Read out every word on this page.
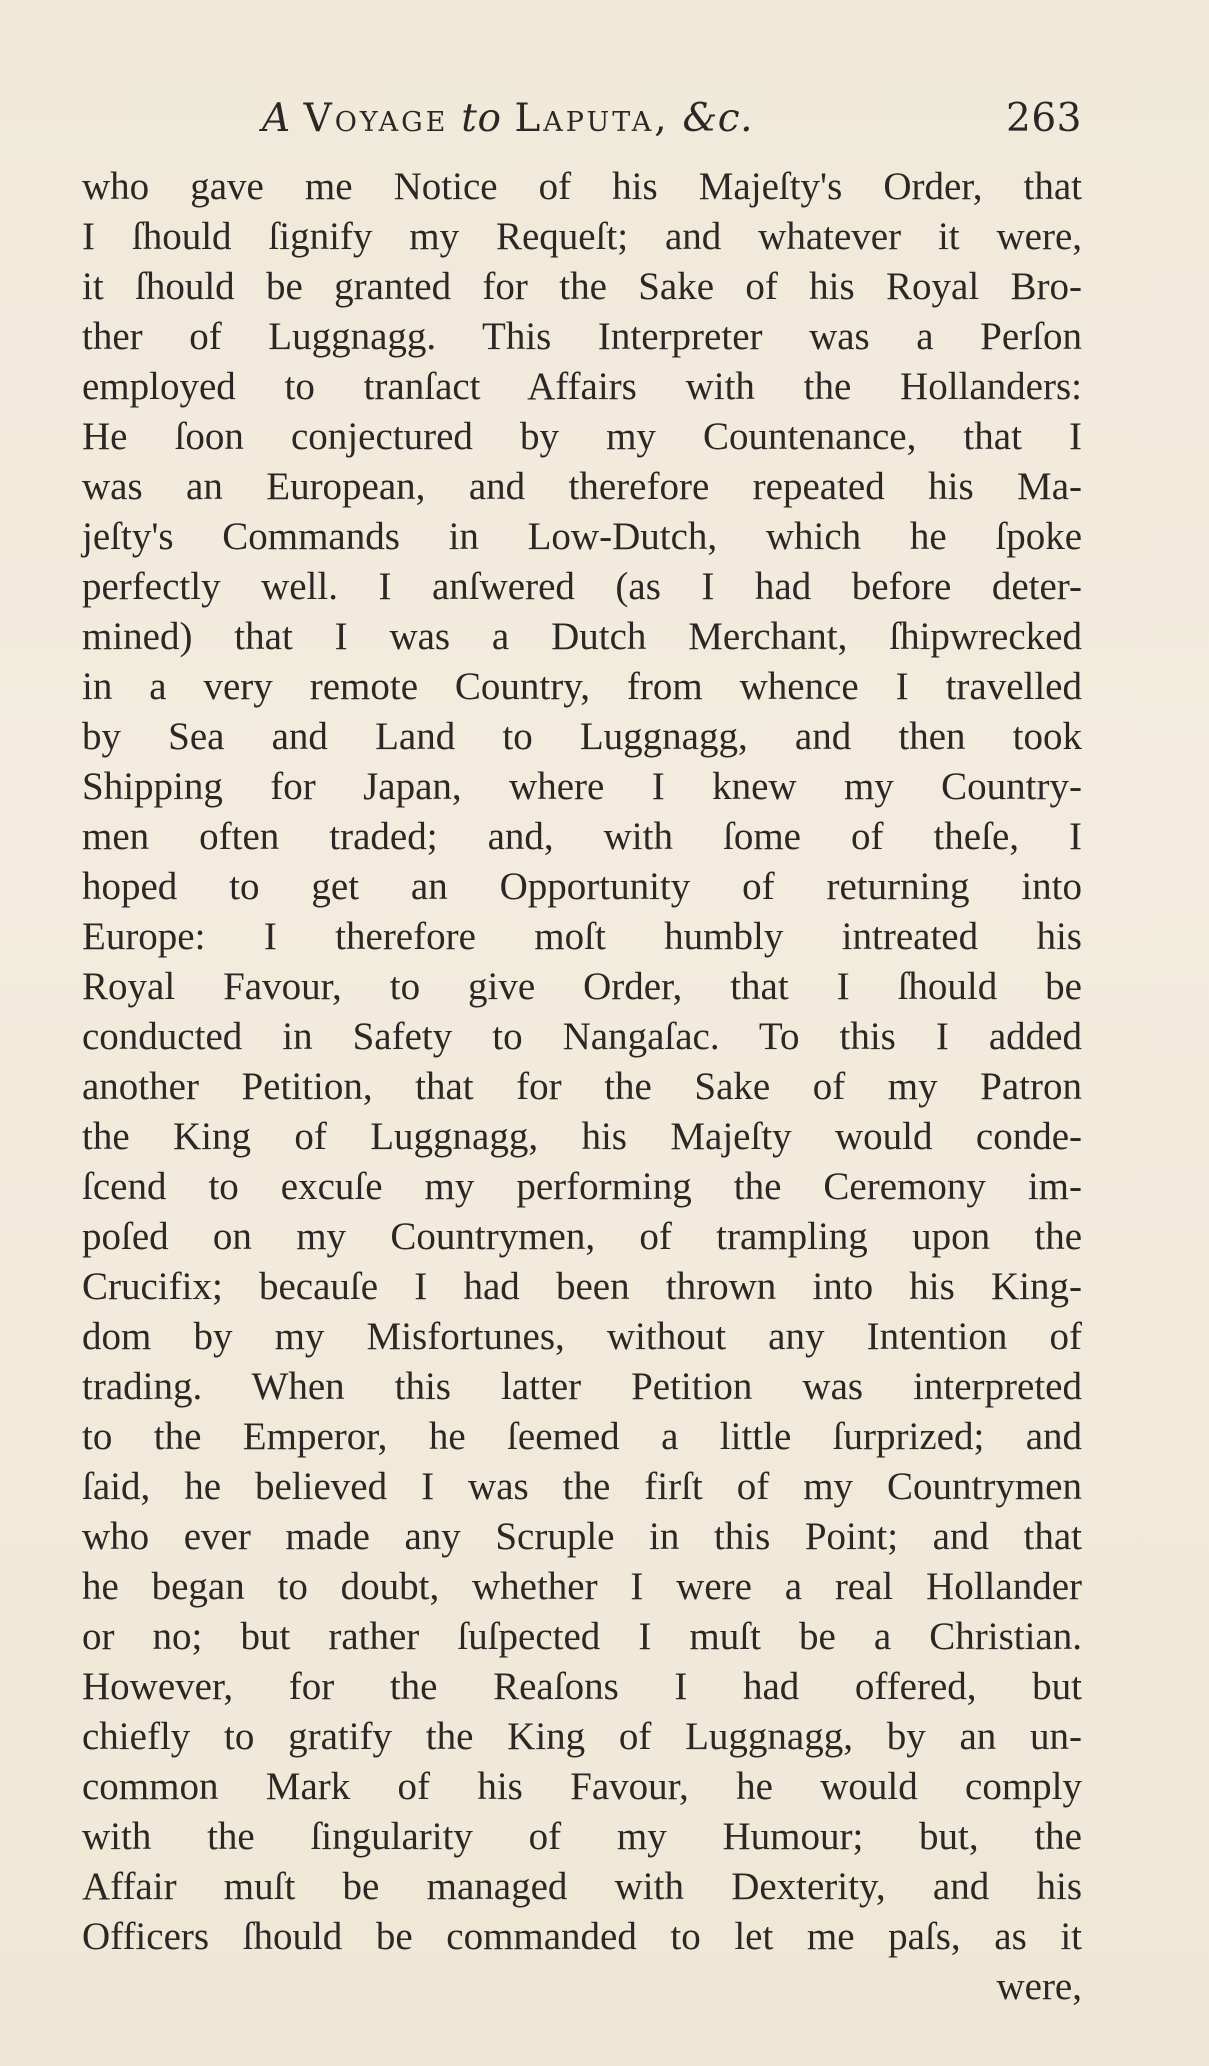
A Voyage to Laputa, &c.	263
who gave me Notice of his Majeſty's Order, that
I ſhould ſignify my Requeſt; and whatever it were,
it ſhould be granted for the Sake of his Royal Bro-
ther of Luggnagg. This Interpreter was a Perſon
employed to tranſact Affairs with the Hollanders:
He ſoon conjectured by my Countenance, that I
was an European, and therefore repeated his Ma-
jeſty's Commands in Low-Dutch, which he ſpoke
perfectly well. I anſwered (as I had before deter-
mined) that I was a Dutch Merchant, ſhipwrecked
in a very remote Country, from whence I travelled
by Sea and Land to Luggnagg, and then took
Shipping for Japan, where I knew my Country-
men often traded; and, with ſome of theſe, I
hoped to get an Opportunity of returning into
Europe: I therefore moſt humbly intreated his
Royal Favour, to give Order, that I ſhould be
conducted in Safety to Nangaſac. To this I added
another Petition, that for the Sake of my Patron
the King of Luggnagg, his Majeſty would conde-
ſcend to excuſe my performing the Ceremony im-
poſed on my Countrymen, of trampling upon the
Crucifix; becauſe I had been thrown into his King-
dom by my Misfortunes, without any Intention of
trading. When this latter Petition was interpreted
to the Emperor, he ſeemed a little ſurprized; and
ſaid, he believed I was the firſt of my Countrymen
who ever made any Scruple in this Point; and that
he began to doubt, whether I were a real Hollander
or no; but rather ſuſpected I muſt be a Christian.
However, for the Reaſons I had offered, but
chiefly to gratify the King of Luggnagg, by an un-
common Mark of his Favour, he would comply
with the ſingularity of my Humour; but, the
Affair muſt be managed with Dexterity, and his
Officers ſhould be commanded to let me paſs, as it
were,
